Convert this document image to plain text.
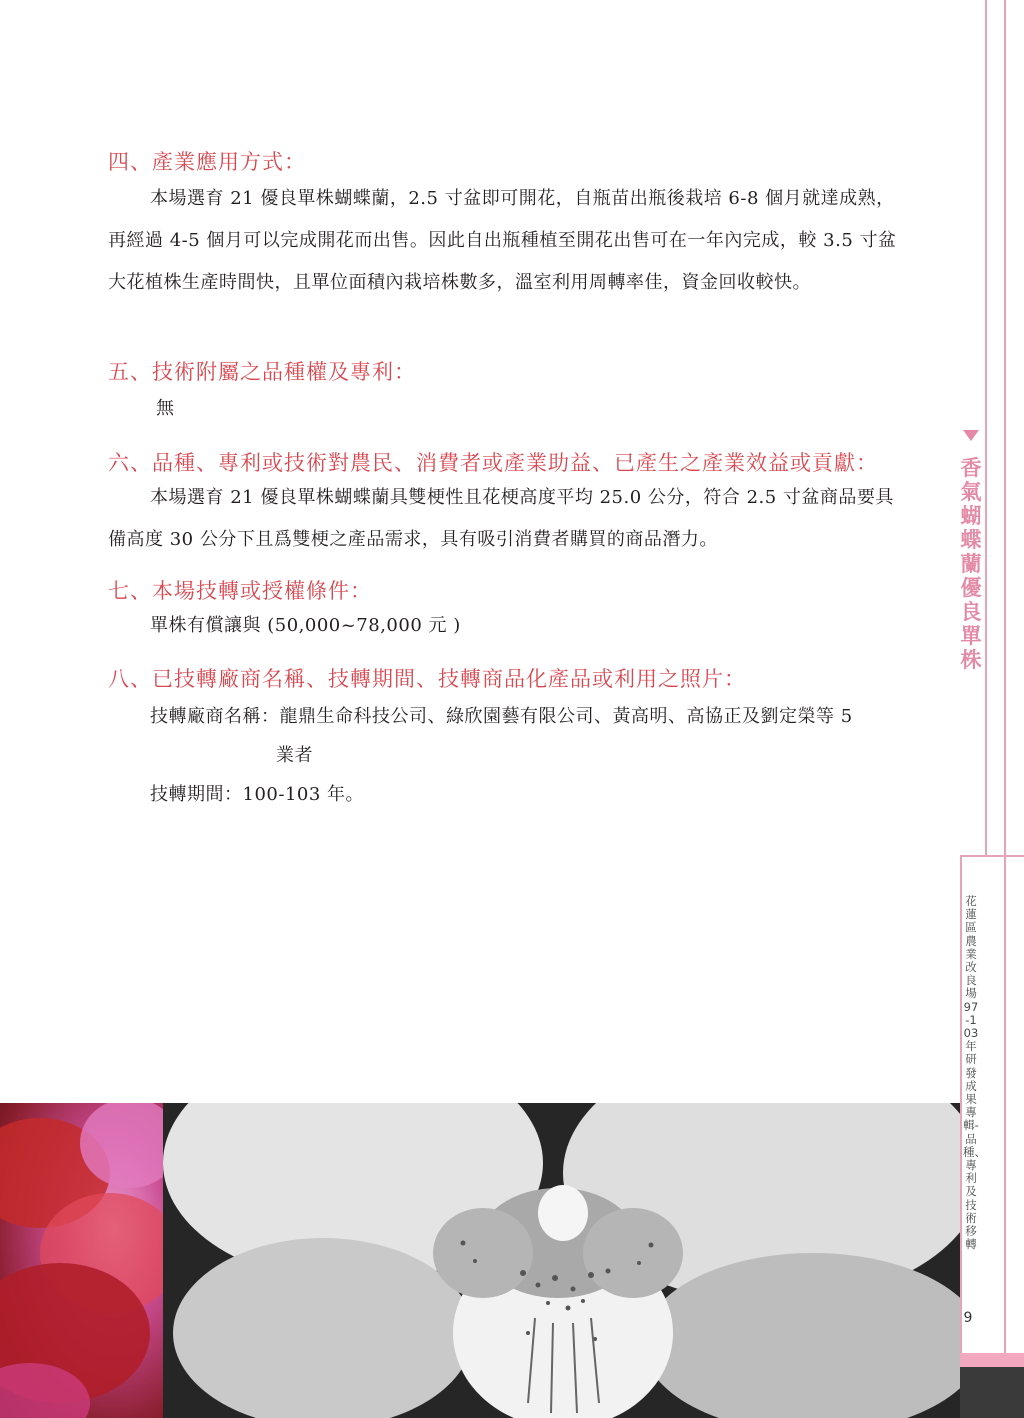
四、產業應用方式：

本場選育 21 優良單株蝴蝶蘭，2.5 寸盆即可開花，自瓶苗出瓶後栽培 6-8 個月就達成熟，再經過 4-5 個月可以完成開花而出售。因此自出瓶種植至開花出售可在一年內完成，較 3.5 寸盆大花植株生產時間快，且單位面積內栽培株數多，溫室利用周轉率佳，資金回收較快。

五、技術附屬之品種權及專利：

無

六、品種、專利或技術對農民、消費者或產業助益、已產生之產業效益或貢獻：

本場選育 21 優良單株蝴蝶蘭具雙梗性且花梗高度平均 25.0 公分，符合 2.5 寸盆商品要具備高度 30 公分下且爲雙梗之產品需求，具有吸引消費者購買的商品潛力。

七、本場技轉或授權條件：

單株有償讓與 (50,000~78,000 元 )

八、已技轉廠商名稱、技轉期間、技轉商品化產品或利用之照片：

技轉廠商名稱：龍鼎生命科技公司、綠欣園藝有限公司、黃高明、高協正及劉定榮等 5

業者

技轉期間：100-103 年。

香氣蝴蝶蘭優良單株
花蓮區農業改良場 97-103年研發成果專輯-品種、專利及技術移轉
9
